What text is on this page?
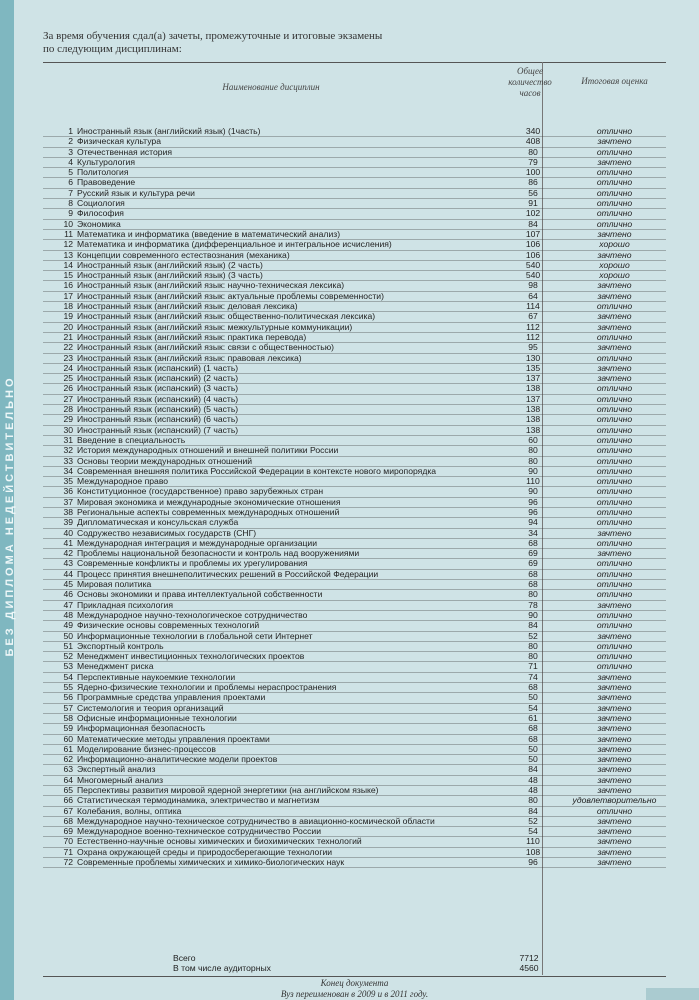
БЕЗ ДИПЛОМА НЕДЕЙСТВИТЕЛЬНО
За время обучения сдал(а) зачеты, промежуточные и итоговые экзамены
по следующим дисциплинам:
Наименование дисциплин
Общее количество часов
Итоговая оценка
1	Иностранный язык (английский язык) (1часть)	340	отлично
2	Физическая культура	408	зачтено
3	Отечественная история	80	отлично
4	Культурология	79	зачтено
5	Политология	100	отлично
6	Правоведение	86	отлично
7	Русский язык и культура речи	56	отлично
8	Социология	91	отлично
9	Философия	102	отлично
10	Экономика	84	отлично
11	Математика и информатика (введение в математический анализ)	107	зачтено
12	Математика и информатика (дифференциальное и интегральное исчисления)	106	хорошо
13	Концепции современного естествознания (механика)	106	зачтено
14	Иностранный язык (английский язык) (2 часть)	540	хорошо
15	Иностранный язык (английский язык) (3 часть)	540	хорошо
16	Иностранный язык (английский язык: научно-техническая лексика)	98	зачтено
17	Иностранный язык (английский язык: актуальные проблемы современности)	64	зачтено
18	Иностранный язык (английский язык: деловая лексика)	114	отлично
19	Иностранный язык (английский язык: общественно-политическая лексика)	67	зачтено
20	Иностранный язык (английский язык: межкультурные коммуникации)	112	зачтено
21	Иностранный язык (английский язык: практика перевода)	112	отлично
22	Иностранный язык (английский язык: связи с общественностью)	95	зачтено
23	Иностранный язык (английский язык: правовая лексика)	130	отлично
24	Иностранный язык (испанский) (1 часть)	135	зачтено
25	Иностранный язык (испанский) (2 часть)	137	зачтено
26	Иностранный язык (испанский) (3 часть)	138	отлично
27	Иностранный язык (испанский) (4 часть)	137	отлично
28	Иностранный язык (испанский) (5 часть)	138	отлично
29	Иностранный язык (испанский) (6 часть)	138	отлично
30	Иностранный язык (испанский) (7 часть)	138	отлично
31	Введение в специальность	60	отлично
32	История международных отношений и внешней политики России	80	отлично
33	Основы теории международных отношений	80	отлично
34	Современная внешняя политика Российской Федерации в контексте нового миропорядка	90	отлично
35	Международное право	110	отлично
36	Конституционное (государственное) право зарубежных стран	90	отлично
37	Мировая экономика и международные экономические отношения	96	отлично
38	Региональные аспекты современных международных отношений	96	отлично
39	Дипломатическая и консульская служба	94	отлично
40	Содружество независимых государств (СНГ)	34	зачтено
41	Международная интеграция и международные организации	68	отлично
42	Проблемы национальной безопасности и контроль над вооружениями	69	зачтено
43	Современные конфликты и проблемы их урегулирования	69	отлично
44	Процесс принятия внешнеполитических решений в Российской Федерации	68	отлично
45	Мировая политика	68	отлично
46	Основы экономики и права интеллектуальной собственности	80	отлично
47	Прикладная психология	78	зачтено
48	Международное научно-технологическое сотрудничество	90	отлично
49	Физические основы современных технологий	84	отлично
50	Информационные технологии в глобальной сети Интернет	52	зачтено
51	Экспортный контроль	80	отлично
52	Менеджмент инвестиционных технологических проектов	80	отлично
53	Менеджмент риска	71	отлично
54	Перспективные наукоемкие технологии	74	зачтено
55	Ядерно-физические технологии и проблемы нераспространения	68	зачтено
56	Программные средства управления проектами	50	зачтено
57	Системология и теория организаций	54	зачтено
58	Офисные информационные технологии	61	зачтено
59	Информационная безопасность	68	зачтено
60	Математические методы управления проектами	68	зачтено
61	Моделирование бизнес-процессов	50	зачтено
62	Информационно-аналитические модели проектов	50	зачтено
63	Экспертный анализ	84	зачтено
64	Многомерный анализ	48	зачтено
65	Перспективы развития мировой ядерной энергетики (на английском языке)	48	зачтено
66	Статистическая термодинамика, электричество и магнетизм	80	удовлетворительно
67	Колебания, волны, оптика	84	отлично
68	Международное научно-техническое сотрудничество в авиационно-космической области	52	зачтено
69	Международное военно-техническое сотрудничество России	54	зачтено
70	Естественно-научные основы химических и биохимических технологий	110	зачтено
71	Охрана окружающей среды и природосберегающие технологии	108	зачтено
72	Современные проблемы химических и химико-биологических наук	96	зачтено
	Всего	7712	
	В том числе аудиторных	4560	
Конец документа
Вуз переименован в 2009 и в 2011 году.
